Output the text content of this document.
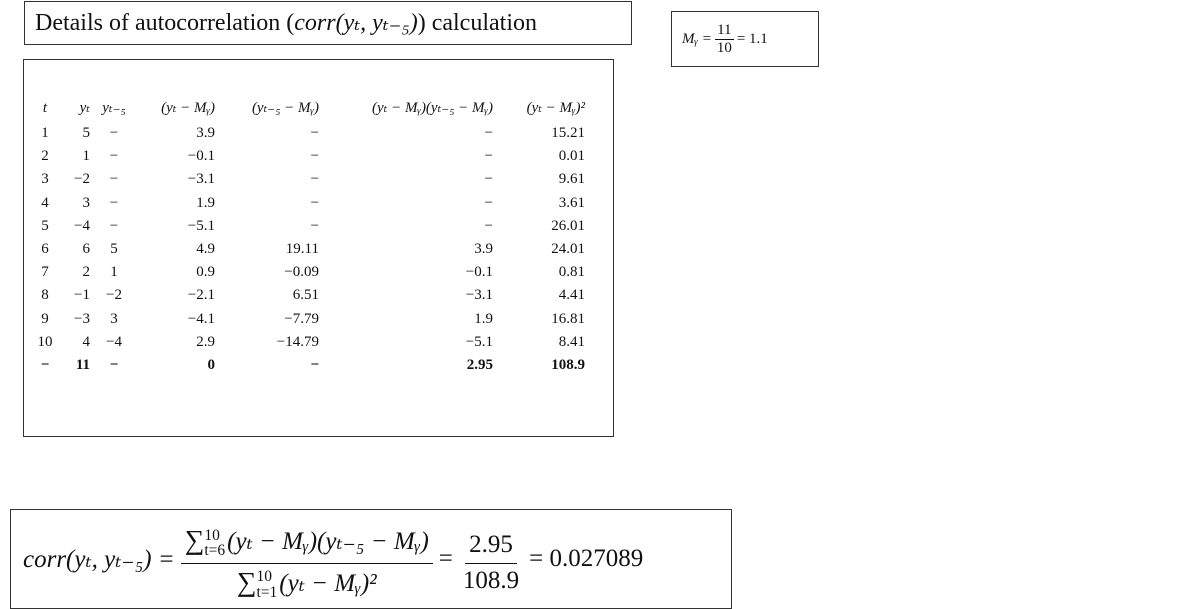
Details of autocorrelation (corr(yₜ, yₜ₋₅)) calculation
Mᵧ = $\frac{11}{10} = 1.1$
t	yₜ	yₜ₋₅	(yₜ − Mᵧ)	(yₜ₋₅ − Mᵧ)	(yₜ − Mᵧ)(yₜ₋₅ − Mᵧ)	(yₜ − Mᵧ)²
1	5	−	3.9	−	−	15.21
2	1	−	−0.1	−	−	0.01
3	−2	−	−3.1	−	−	9.61
4	3	−	1.9	−	−	3.61
5	−4	−	−5.1	−	−	26.01
6	6	5	4.9	19.11	3.9	24.01
7	2	1	0.9	−0.09	−0.1	0.81
8	−1	−2	−2.1	6.51	−3.1	4.41
9	−3	3	−4.1	−7.79	1.9	16.81
10	4	−4	2.9	−14.79	−5.1	8.41
−	11	−	0	−	2.95	108.9
corr(yₜ, yₜ₋₅) = ∑ 10
t=6 (yₜ − Mᵧ)(yₜ₋₅ − Mᵧ)
∑ 10
t=1 (yₜ − Mᵧ)² = $\frac{2.95}{108.9} = 0.027089$
